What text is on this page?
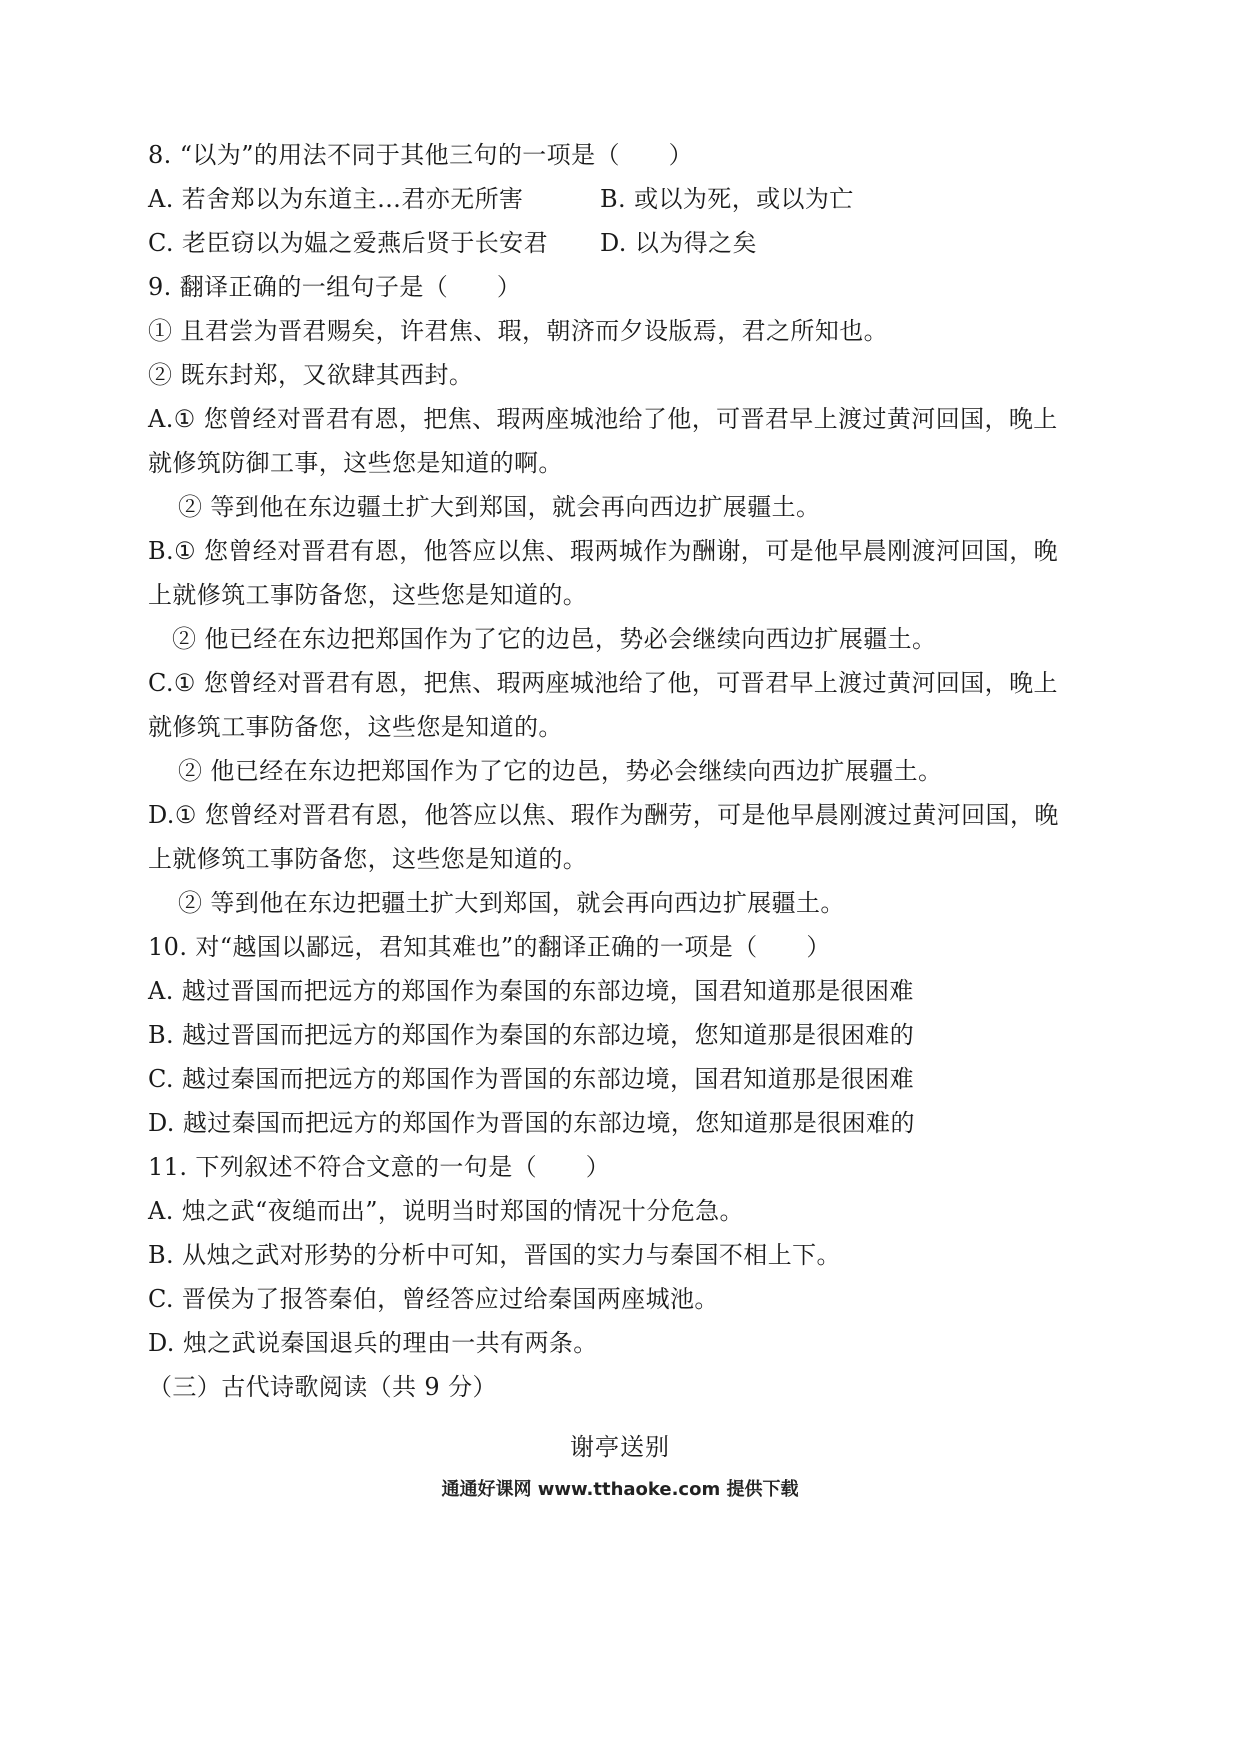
8. “以为”的用法不同于其他三句的一项是（　　）
A. 若舍郑以为东道主…君亦无所害	B. 或以为死，或以为亡
C. 老臣窃以为媪之爱燕后贤于长安君 D. 以为得之矣
9. 翻译正确的一组句子是（　　）
① 且君尝为晋君赐矣，许君焦、瑕，朝济而夕设版焉，君之所知也。
② 既东封郑，又欲肆其西封。
A.① 您曾经对晋君有恩，把焦、瑕两座城池给了他，可晋君早上渡过黄河回国，晚上
就修筑防御工事，这些您是知道的啊。
② 等到他在东边疆土扩大到郑国，就会再向西边扩展疆土。
B.① 您曾经对晋君有恩，他答应以焦、瑕两城作为酬谢，可是他早晨刚渡河回国，晚
上就修筑工事防备您，这些您是知道的。
② 他已经在东边把郑国作为了它的边邑，势必会继续向西边扩展疆土。
C.① 您曾经对晋君有恩，把焦、瑕两座城池给了他，可晋君早上渡过黄河回国，晚上
就修筑工事防备您，这些您是知道的。
② 他已经在东边把郑国作为了它的边邑，势必会继续向西边扩展疆土。
D.① 您曾经对晋君有恩，他答应以焦、瑕作为酬劳，可是他早晨刚渡过黄河回国，晚
上就修筑工事防备您，这些您是知道的。
② 等到他在东边把疆土扩大到郑国，就会再向西边扩展疆土。
10. 对“越国以鄙远，君知其难也”的翻译正确的一项是（　　）
A. 越过晋国而把远方的郑国作为秦国的东部边境，国君知道那是很困难
B. 越过晋国而把远方的郑国作为秦国的东部边境，您知道那是很困难的
C. 越过秦国而把远方的郑国作为晋国的东部边境，国君知道那是很困难
D. 越过秦国而把远方的郑国作为晋国的东部边境，您知道那是很困难的
11. 下列叙述不符合文意的一句是（　　）
A. 烛之武“夜缒而出”，说明当时郑国的情况十分危急。
B. 从烛之武对形势的分析中可知，晋国的实力与秦国不相上下。
C. 晋侯为了报答秦伯，曾经答应过给秦国两座城池。
D. 烛之武说秦国退兵的理由一共有两条。
（三）古代诗歌阅读（共 9 分）
谢亭送别
通通好课网 www.tthaoke.com 提供下载
